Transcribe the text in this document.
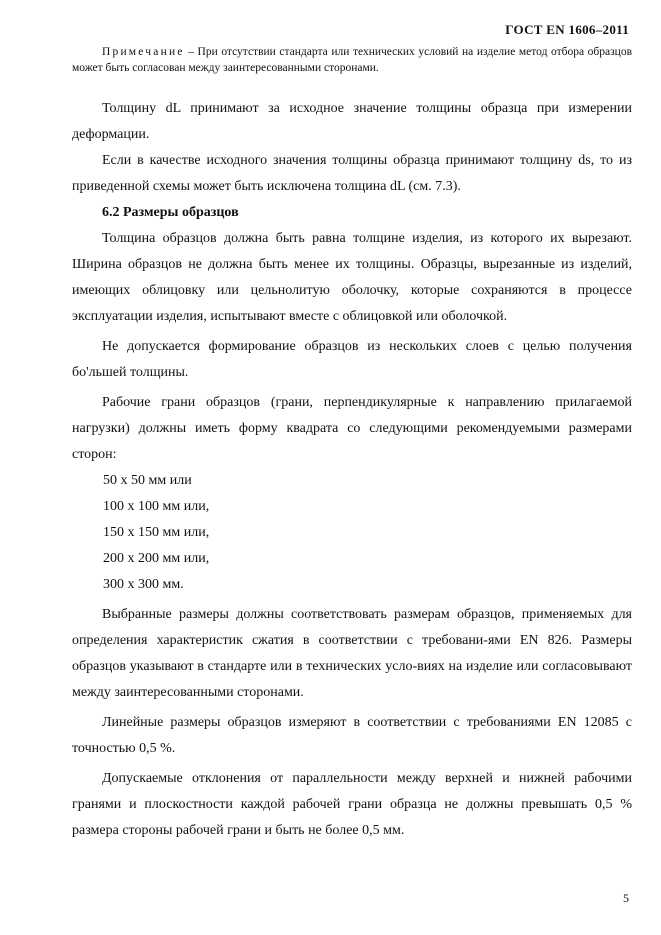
ГОСТ EN 1606–2011

Примечание – При отсутствии стандарта или технических условий на изделие метод отбора образцов может быть согласован между заинтересованными сторонами.

Толщину dL принимают за исходное значение толщины образца при измерении деформации.

Если в качестве исходного значения толщины образца принимают толщину ds, то из приведенной схемы может быть исключена толщина dL (см. 7.3).

6.2 Размеры образцов

Толщина образцов должна быть равна толщине изделия, из которого их вырезают. Ширина образцов не должна быть менее их толщины. Образцы, вырезанные из изделий, имеющих облицовку или цельнолитую оболочку, которые сохраняются в процессе эксплуатации изделия, испытывают вместе с облицовкой или оболочкой.

Не допускается формирование образцов из нескольких слоев с целью получения бо'льшей толщины.

Рабочие грани образцов (грани, перпендикулярные к направлению прилагаемой нагрузки) должны иметь форму квадрата со следующими рекомендуемыми размерами сторон:

50 х 50 мм или
100 х 100 мм или,
150 х 150 мм или,
200 х 200 мм или,
300 х 300 мм.

Выбранные размеры должны соответствовать размерам образцов, применяемых для определения характеристик сжатия в соответствии с требовани-ями EN 826. Размеры образцов указывают в стандарте или в технических усло-виях на изделие или согласовывают между заинтересованными сторонами.

Линейные размеры образцов измеряют в соответствии с требованиями EN 12085 с точностью 0,5 %.

Допускаемые отклонения от параллельности между верхней и нижней рабочими гранями и плоскостности каждой рабочей грани образца не должны превышать 0,5 % размера стороны рабочей грани и быть не более 0,5 мм.

5
